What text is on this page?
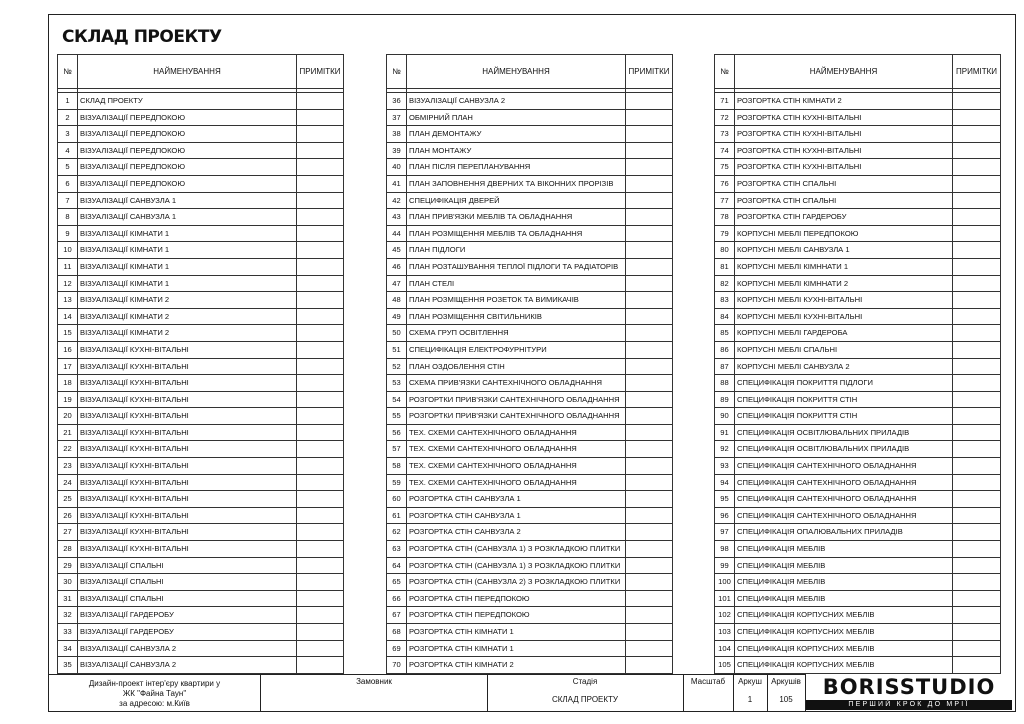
СКЛАД ПРОЕКТУ
№	НАЙМЕНУВАННЯ	ПРИМІТКИ

1	СКЛАД ПРОЕКТУ	
2	ВІЗУАЛІЗАЦІЇ ПЕРЕДПОКОЮ	
3	ВІЗУАЛІЗАЦІЇ ПЕРЕДПОКОЮ	
4	ВІЗУАЛІЗАЦІЇ ПЕРЕДПОКОЮ	
5	ВІЗУАЛІЗАЦІЇ ПЕРЕДПОКОЮ	
6	ВІЗУАЛІЗАЦІЇ ПЕРЕДПОКОЮ	
7	ВІЗУАЛІЗАЦІЇ САНВУЗЛА 1	
8	ВІЗУАЛІЗАЦІЇ САНВУЗЛА 1	
9	ВІЗУАЛІЗАЦІЇ КІМНАТИ 1	
10	ВІЗУАЛІЗАЦІЇ КІМНАТИ 1	
11	ВІЗУАЛІЗАЦІЇ КІМНАТИ 1	
12	ВІЗУАЛІЗАЦІЇ КІМНАТИ 1	
13	ВІЗУАЛІЗАЦІЇ КІМНАТИ 2	
14	ВІЗУАЛІЗАЦІЇ КІМНАТИ 2	
15	ВІЗУАЛІЗАЦІЇ КІМНАТИ 2	
16	ВІЗУАЛІЗАЦІЇ КУХНІ-ВІТАЛЬНІ	
17	ВІЗУАЛІЗАЦІЇ КУХНІ-ВІТАЛЬНІ	
18	ВІЗУАЛІЗАЦІЇ КУХНІ-ВІТАЛЬНІ	
19	ВІЗУАЛІЗАЦІЇ КУХНІ-ВІТАЛЬНІ	
20	ВІЗУАЛІЗАЦІЇ КУХНІ-ВІТАЛЬНІ	
21	ВІЗУАЛІЗАЦІЇ КУХНІ-ВІТАЛЬНІ	
22	ВІЗУАЛІЗАЦІЇ КУХНІ-ВІТАЛЬНІ	
23	ВІЗУАЛІЗАЦІЇ КУХНІ-ВІТАЛЬНІ	
24	ВІЗУАЛІЗАЦІЇ КУХНІ-ВІТАЛЬНІ	
25	ВІЗУАЛІЗАЦІЇ КУХНІ-ВІТАЛЬНІ	
26	ВІЗУАЛІЗАЦІЇ КУХНІ-ВІТАЛЬНІ	
27	ВІЗУАЛІЗАЦІЇ КУХНІ-ВІТАЛЬНІ	
28	ВІЗУАЛІЗАЦІЇ КУХНІ-ВІТАЛЬНІ	
29	ВІЗУАЛІЗАЦІЇ СПАЛЬНІ	
30	ВІЗУАЛІЗАЦІЇ СПАЛЬНІ	
31	ВІЗУАЛІЗАЦІЇ СПАЛЬНІ	
32	ВІЗУАЛІЗАЦІЇ ГАРДЕРОБУ	
33	ВІЗУАЛІЗАЦІЇ ГАРДЕРОБУ	
34	ВІЗУАЛІЗАЦІЇ САНВУЗЛА 2	
35	ВІЗУАЛІЗАЦІЇ САНВУЗЛА 2	
№	НАЙМЕНУВАННЯ	ПРИМІТКИ

36	ВІЗУАЛІЗАЦІЇ САНВУЗЛА 2	
37	ОБМІРНИЙ ПЛАН	
38	ПЛАН ДЕМОНТАЖУ	
39	ПЛАН МОНТАЖУ	
40	ПЛАН ПІСЛЯ ПЕРЕПЛАНУВАННЯ	
41	ПЛАН ЗАПОВНЕННЯ ДВЕРНИХ ТА ВІКОННИХ ПРОРІЗІВ	
42	СПЕЦИФІКАЦІЯ ДВЕРЕЙ	
43	ПЛАН ПРИВ'ЯЗКИ МЕБЛІВ ТА ОБЛАДНАННЯ	
44	ПЛАН РОЗМІЩЕННЯ МЕБЛІВ ТА ОБЛАДНАННЯ	
45	ПЛАН ПІДЛОГИ	
46	ПЛАН РОЗТАШУВАННЯ ТЕПЛОЇ ПІДЛОГИ ТА РАДІАТОРІВ	
47	ПЛАН СТЕЛІ	
48	ПЛАН РОЗМІЩЕННЯ РОЗЕТОК ТА ВИМИКАЧІВ	
49	ПЛАН РОЗМІЩЕННЯ СВІТИЛЬНИКІВ	
50	СХЕМА ГРУП ОСВІТЛЕННЯ	
51	СПЕЦИФІКАЦІЯ ЕЛЕКТРОФУРНІТУРИ	
52	ПЛАН ОЗДОБЛЕННЯ СТІН	
53	СХЕМА ПРИВ'ЯЗКИ САНТЕХНІЧНОГО ОБЛАДНАННЯ	
54	РОЗГОРТКИ ПРИВ'ЯЗКИ САНТЕХНІЧНОГО ОБЛАДНАННЯ	
55	РОЗГОРТКИ ПРИВ'ЯЗКИ САНТЕХНІЧНОГО ОБЛАДНАННЯ	
56	ТЕХ. СХЕМИ САНТЕХНІЧНОГО ОБЛАДНАННЯ	
57	ТЕХ. СХЕМИ САНТЕХНІЧНОГО ОБЛАДНАННЯ	
58	ТЕХ. СХЕМИ САНТЕХНІЧНОГО ОБЛАДНАННЯ	
59	ТЕХ. СХЕМИ САНТЕХНІЧНОГО ОБЛАДНАННЯ	
60	РОЗГОРТКА СТІН САНВУЗЛА 1	
61	РОЗГОРТКА СТІН САНВУЗЛА 1	
62	РОЗГОРТКА СТІН САНВУЗЛА 2	
63	РОЗГОРТКА СТІН (САНВУЗЛА 1) З РОЗКЛАДКОЮ ПЛИТКИ	
64	РОЗГОРТКА СТІН (САНВУЗЛА 1) З РОЗКЛАДКОЮ ПЛИТКИ	
65	РОЗГОРТКА СТІН (САНВУЗЛА 2) З РОЗКЛАДКОЮ ПЛИТКИ	
66	РОЗГОРТКА СТІН ПЕРЕДПОКОЮ	
67	РОЗГОРТКА СТІН ПЕРЕДПОКОЮ	
68	РОЗГОРТКА СТІН КІМНАТИ 1	
69	РОЗГОРТКА СТІН КІМНАТИ 1	
70	РОЗГОРТКА СТІН КІМНАТИ 2	
№	НАЙМЕНУВАННЯ	ПРИМІТКИ

71	РОЗГОРТКА СТІН КІМНАТИ 2	
72	РОЗГОРТКА СТІН КУХНІ-ВІТАЛЬНІ	
73	РОЗГОРТКА СТІН КУХНІ-ВІТАЛЬНІ	
74	РОЗГОРТКА СТІН КУХНІ-ВІТАЛЬНІ	
75	РОЗГОРТКА СТІН КУХНІ-ВІТАЛЬНІ	
76	РОЗГОРТКА СТІН СПАЛЬНІ	
77	РОЗГОРТКА СТІН СПАЛЬНІ	
78	РОЗГОРТКА СТІН ГАРДЕРОБУ	
79	КОРПУСНІ МЕБЛІ ПЕРЕДПОКОЮ	
80	КОРПУСНІ МЕБЛІ САНВУЗЛА 1	
81	КОРПУСНІ МЕБЛІ КІМННАТИ 1	
82	КОРПУСНІ МЕБЛІ КІМННАТИ 2	
83	КОРПУСНІ МЕБЛІ КУХНІ-ВІТАЛЬНІ	
84	КОРПУСНІ МЕБЛІ КУХНІ-ВІТАЛЬНІ	
85	КОРПУСНІ МЕБЛІ ГАРДЕРОБА	
86	КОРПУСНІ МЕБЛІ СПАЛЬНІ	
87	КОРПУСНІ МЕБЛІ САНВУЗЛА 2	
88	СПЕЦИФІКАЦІЯ ПОКРИТТЯ ПІДЛОГИ	
89	СПЕЦИФІКАЦІЯ ПОКРИТТЯ СТІН	
90	СПЕЦИФІКАЦІЯ ПОКРИТТЯ СТІН	
91	СПЕЦИФІКАЦІЯ ОСВІТЛЮВАЛЬНИХ ПРИЛАДІВ	
92	СПЕЦИФІКАЦІЯ ОСВІТЛЮВАЛЬНИХ ПРИЛАДІВ	
93	СПЕЦИФІКАЦІЯ САНТЕХНІЧНОГО ОБЛАДНАННЯ	
94	СПЕЦИФІКАЦІЯ САНТЕХНІЧНОГО ОБЛАДНАННЯ	
95	СПЕЦИФІКАЦІЯ САНТЕХНІЧНОГО ОБЛАДНАННЯ	
96	СПЕЦИФІКАЦІЯ САНТЕХНІЧНОГО ОБЛАДНАННЯ	
97	СПЕЦИФІКАЦІЯ ОПАЛЮВАЛЬНИХ ПРИЛАДІВ	
98	СПЕЦИФІКАЦІЯ МЕБЛІВ	
99	СПЕЦИФІКАЦІЯ МЕБЛІВ	
100	СПЕЦИФІКАЦІЯ МЕБЛІВ	
101	СПЕЦИФІКАЦІЯ МЕБЛІВ	
102	СПЕЦИФІКАЦІЯ КОРПУСНИХ МЕБЛІВ	
103	СПЕЦИФІКАЦІЯ КОРПУСНИХ МЕБЛІВ	
104	СПЕЦИФІКАЦІЯ КОРПУСНИХ МЕБЛІВ	
105	СПЕЦИФІКАЦІЯ КОРПУСНИХ МЕБЛІВ	
Дизайн-проект інтер'єру квартири у
ЖК "Файна Таун"
за адресою: м.Київ
Замовник	Стадія
СКЛАД ПРОЕКТУ
Масштаб	Аркуш
1
Аркушів
105
BORISSTUDIO
ПЕРШИЙ КРОК ДО МРІЇ
